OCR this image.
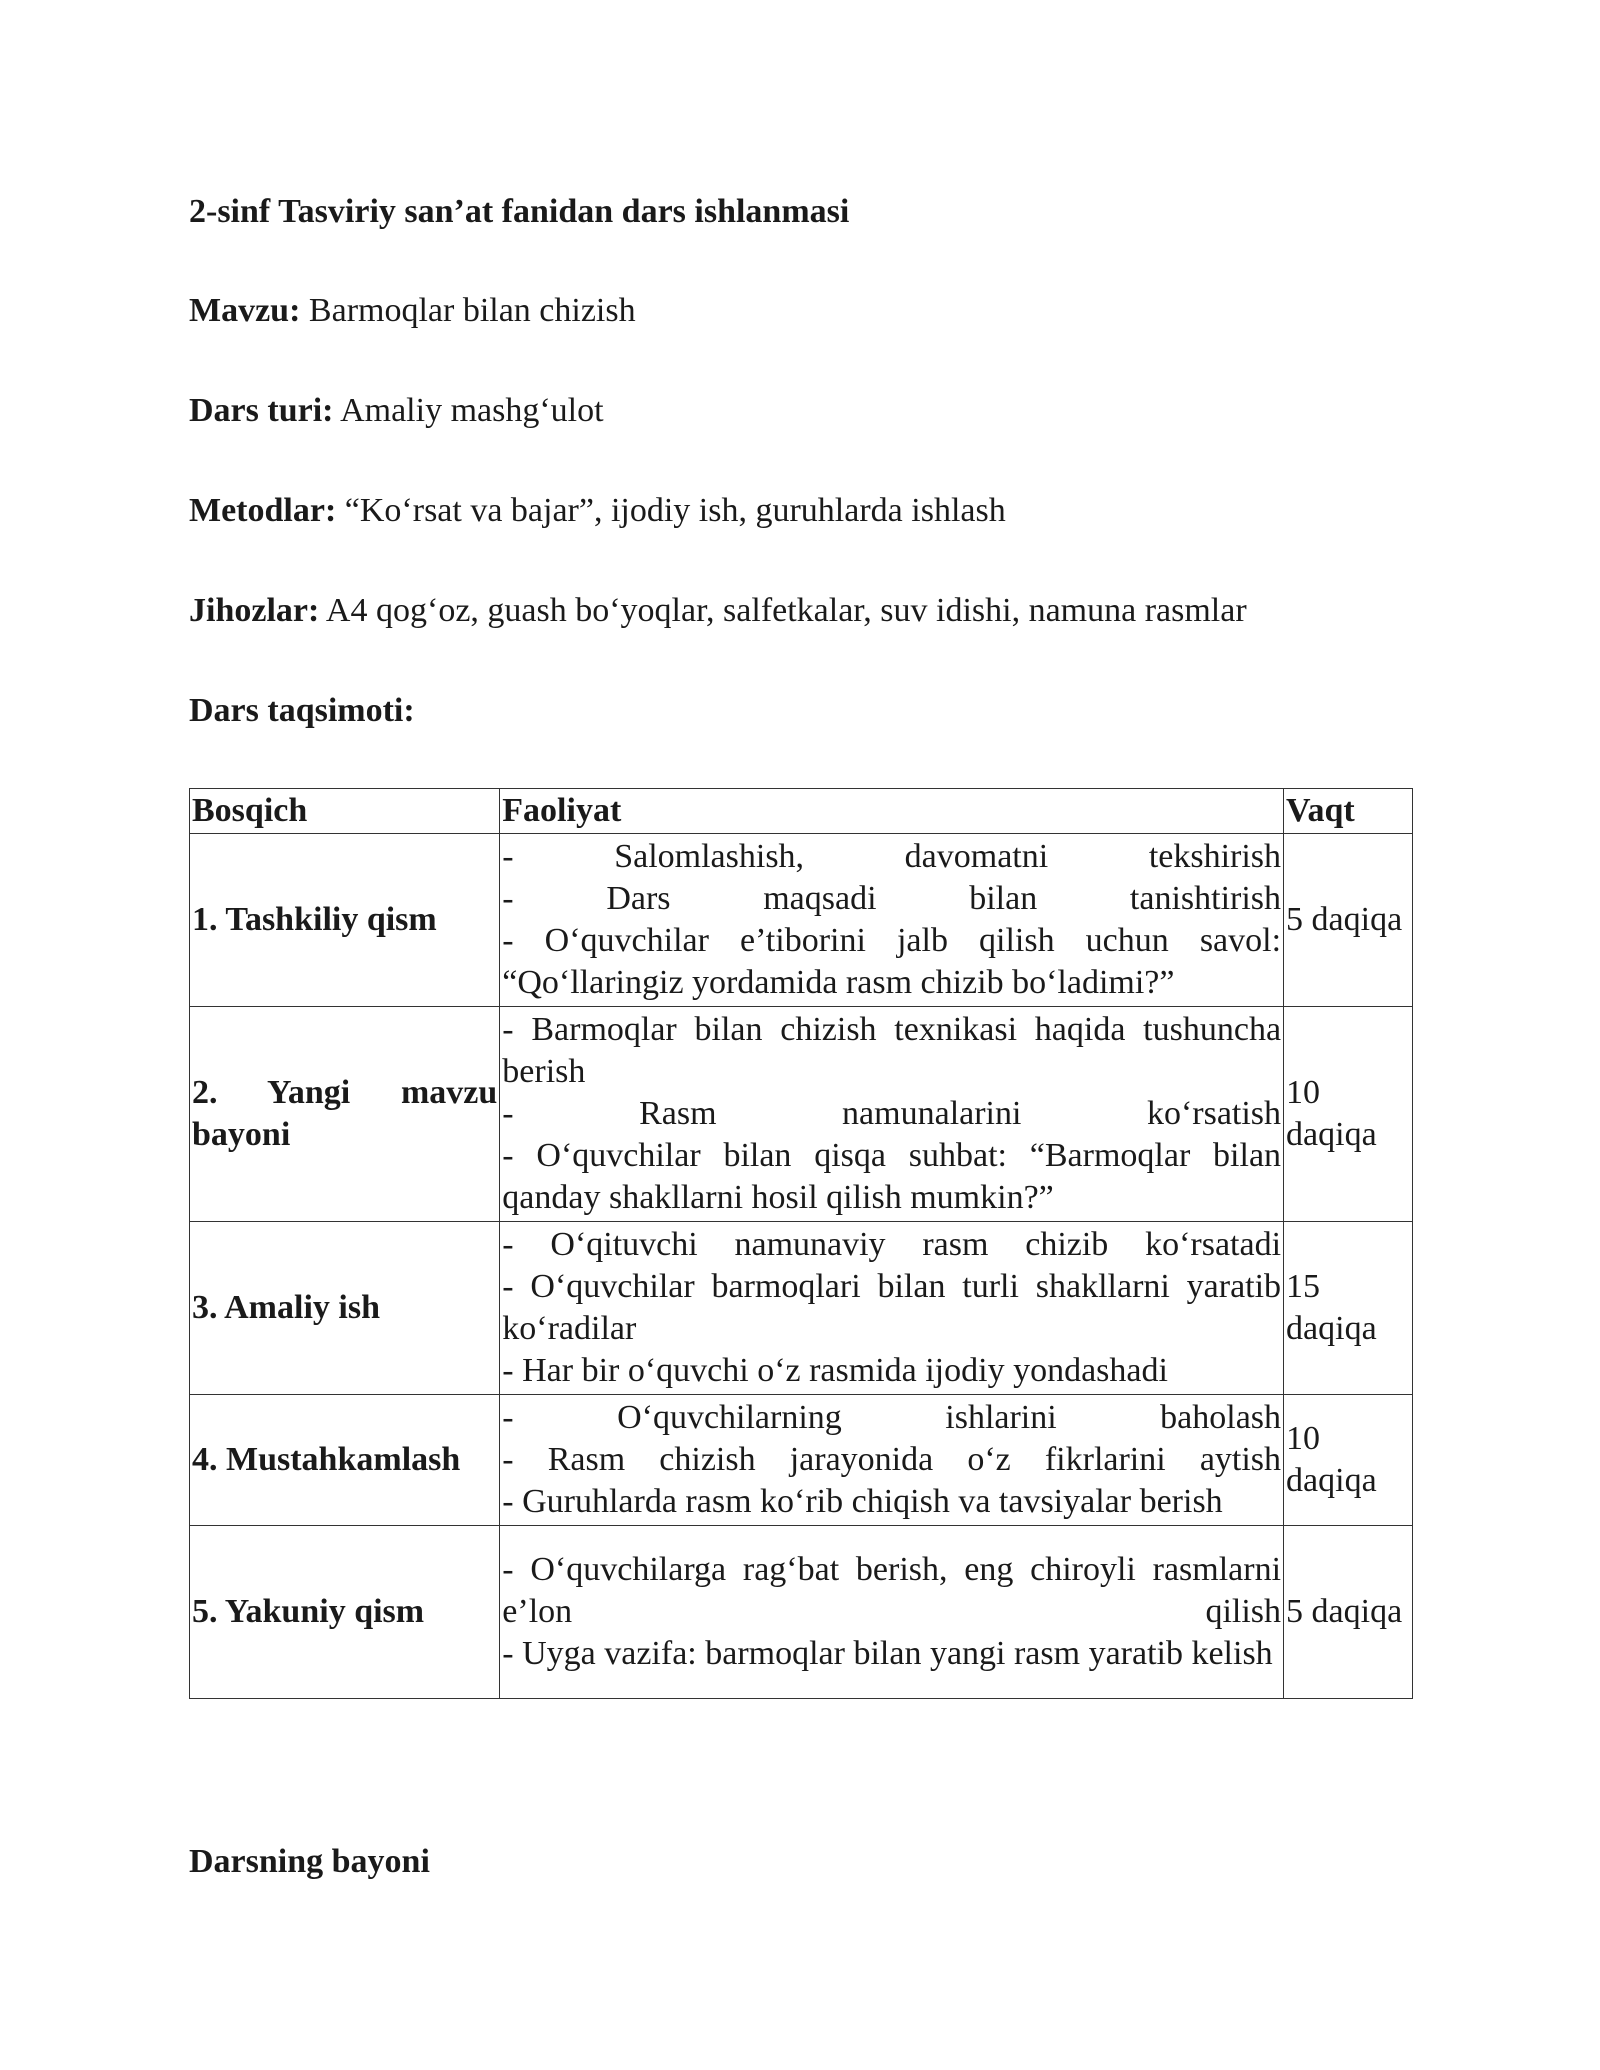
2-sinf Tasviriy san’at fanidan dars ishlanmasi
Mavzu: Barmoqlar bilan chizish
Dars turi: Amaliy mashg‘ulot
Metodlar: “Ko‘rsat va bajar”, ijodiy ish, guruhlarda ishlash
Jihozlar: A4 qog‘oz, guash bo‘yoqlar, salfetkalar, suv idishi, namuna rasmlar
Dars taqsimoti:
Bosqich	Faoliyat	Vaqt
1. Tashkiliy qism	- Salomlashish, davomatni tekshirish
- Dars maqsadi bilan tanishtirish
- O‘quvchilar e’tiborini jalb qilish uchun savol: “Qo‘llaringiz yordamida rasm chizib bo‘ladimi?”	5 daqiqa
2. Yangi mavzu bayoni	- Barmoqlar bilan chizish texnikasi haqida tushuncha berish
- Rasm namunalarini ko‘rsatish
- O‘quvchilar bilan qisqa suhbat: “Barmoqlar bilan qanday shakllarni hosil qilish mumkin?”	10 daqiqa
3. Amaliy ish	- O‘qituvchi namunaviy rasm chizib ko‘rsatadi
- O‘quvchilar barmoqlari bilan turli shakllarni yaratib ko‘radilar
- Har bir o‘quvchi o‘z rasmida ijodiy yondashadi	15 daqiqa
4. Mustahkamlash	- O‘quvchilarning ishlarini baholash
- Rasm chizish jarayonida o‘z fikrlarini aytish
- Guruhlarda rasm ko‘rib chiqish va tavsiyalar berish	10 daqiqa
5. Yakuniy qism	- O‘quvchilarga rag‘bat berish, eng chiroyli rasmlarni e’lon qilish
- Uyga vazifa: barmoqlar bilan yangi rasm yaratib kelish	5 daqiqa
Darsning bayoni
